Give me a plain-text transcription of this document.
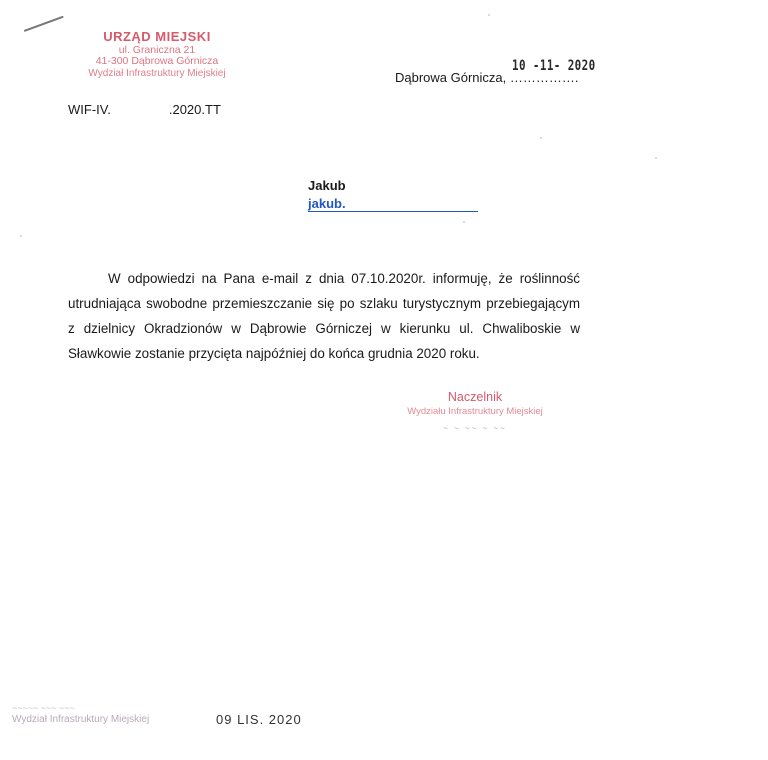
URZĄD MIEJSKI
ul. Graniczna 21
41-300 Dąbrowa Górnicza
Wydział Infrastruktury Miejskiej	10 -11- 2020
Dąbrowa Górnicza, …………….
WIF-IV.	.2020.TT
Jakub
jakub.
W odpowiedzi na Pana e-mail z dnia 07.10.2020r. informuję, że roślinność utrudniająca swobodne przemieszczanie się po szlaku turystycznym przebiegającym z dzielnicy Okradzionów w Dąbrowie Górniczej w kierunku ul. Chwaliboskie w Sławkowie zostanie przycięta najpóźniej do końca grudnia 2020 roku.
Naczelnik
Wydziału Infrastruktury Miejskiej
~ ~ ~~ ~ ~~
~~~~~ ~~~ ~~~
Wydział Infrastruktury Miejskiej	09 LIS. 2020
